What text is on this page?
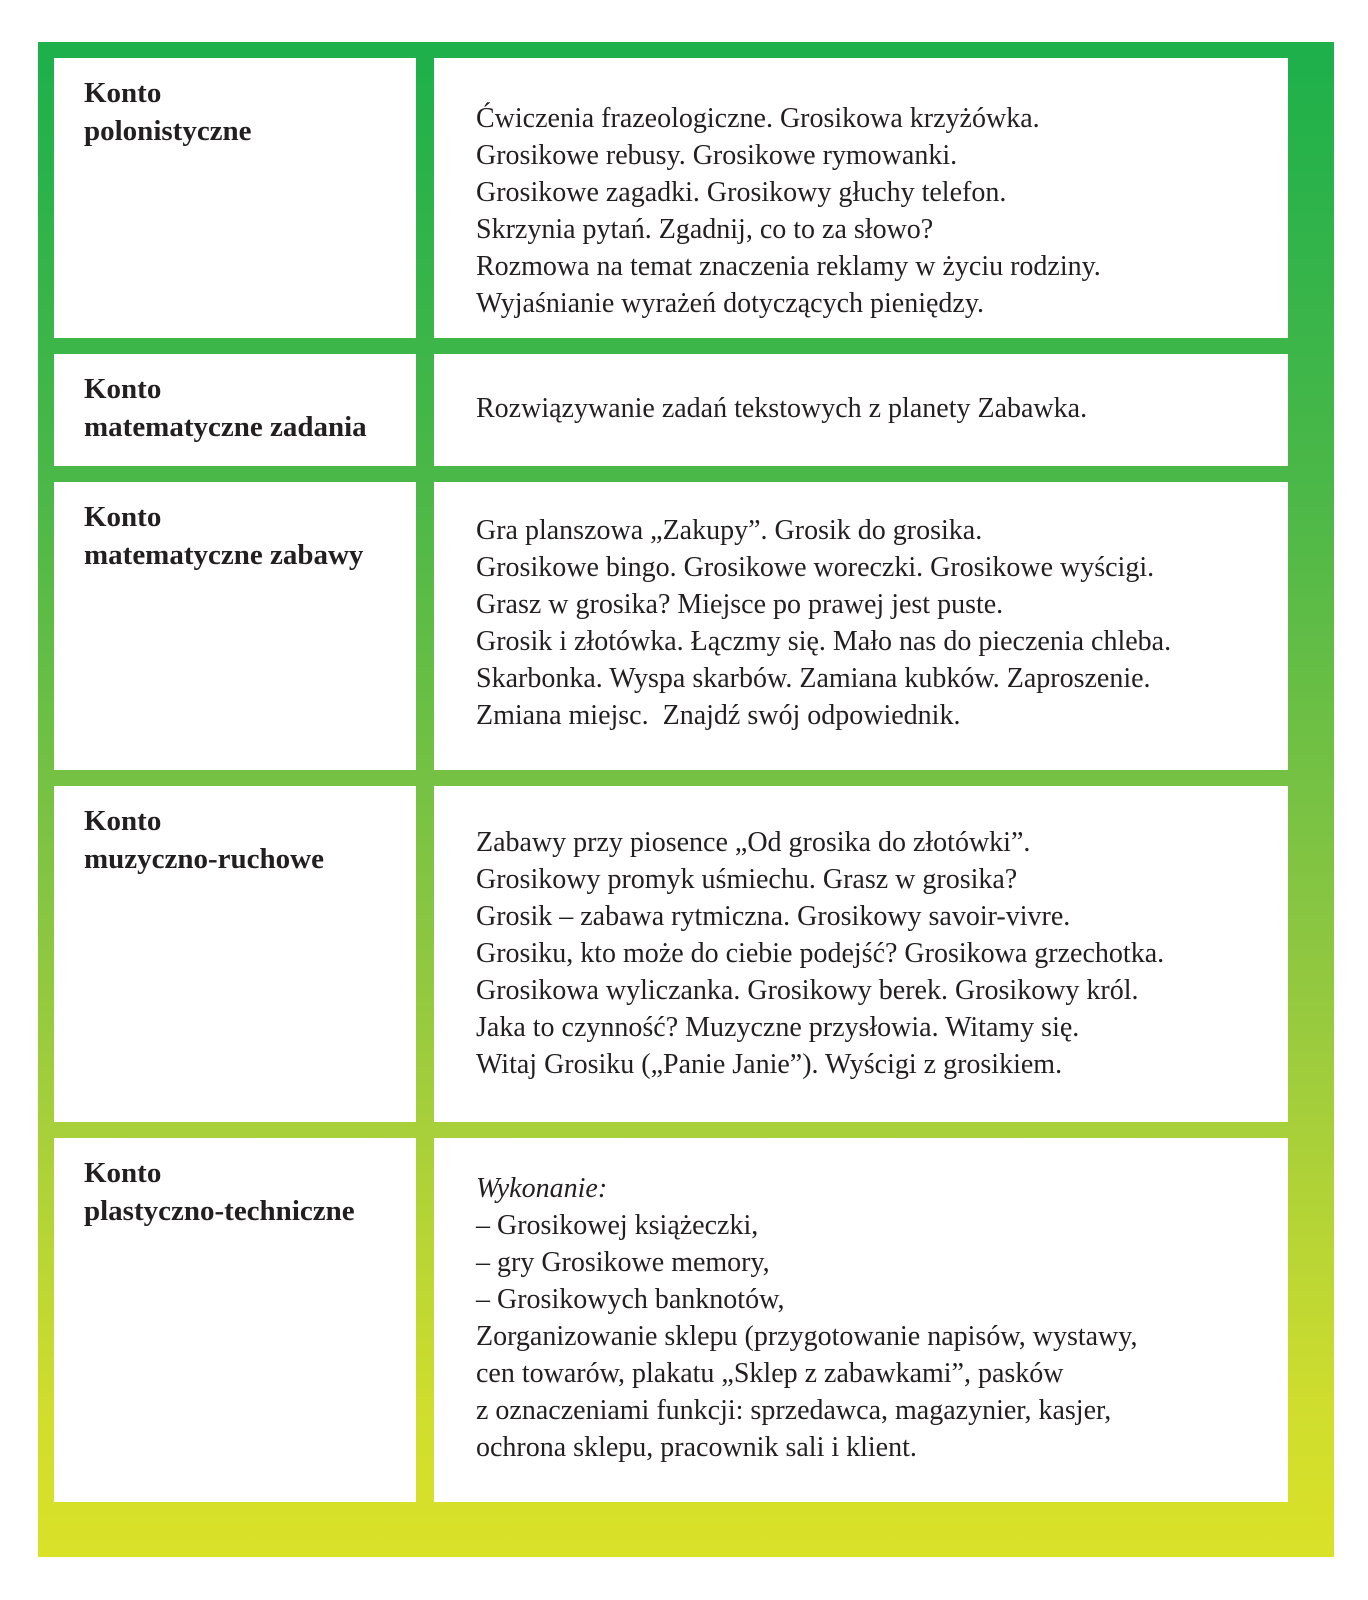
Konto
polonistyczne	Ćwiczenia frazeologiczne. Grosikowa krzyżówka.
Grosikowe rebusy. Grosikowe rymowanki.
Grosikowe zagadki. Grosikowy głuchy telefon.
Skrzynia pytań. Zgadnij, co to za słowo?
Rozmowa na temat znaczenia reklamy w życiu rodziny.
Wyjaśnianie wyrażeń dotyczących pieniędzy.
Konto
matematyczne zadania
Rozwiązywanie zadań tekstowych z planety Zabawka.
Konto
matematyczne zabawy
Gra planszowa „Zakupy”. Grosik do grosika.
Grosikowe bingo. Grosikowe woreczki. Grosikowe wyścigi.
Grasz w grosika? Miejsce po prawej jest puste.
Grosik i złotówka. Łączmy się. Mało nas do pieczenia chleba.
Skarbonka. Wyspa skarbów. Zamiana kubków. Zaproszenie.
Zmiana miejsc.  Znajdź swój odpowiednik.
Konto
muzyczno-ruchowe
Zabawy przy piosence „Od grosika do złotówki”.
Grosikowy promyk uśmiechu. Grasz w grosika?
Grosik – zabawa rytmiczna. Grosikowy savoir-vivre.
Grosiku, kto może do ciebie podejść? Grosikowa grzechotka.
Grosikowa wyliczanka. Grosikowy berek. Grosikowy król.
Jaka to czynność? Muzyczne przysłowia. Witamy się.
Witaj Grosiku („Panie Janie”). Wyścigi z grosikiem.
Konto
plastyczno-techniczne
Wykonanie:
– Grosikowej książeczki,
– gry Grosikowe memory,
– Grosikowych banknotów,
Zorganizowanie sklepu (przygotowanie napisów, wystawy,
cen towarów, plakatu „Sklep z zabawkami”, pasków
z oznaczeniami funkcji: sprzedawca, magazynier, kasjer,
ochrona sklepu, pracownik sali i klient.
